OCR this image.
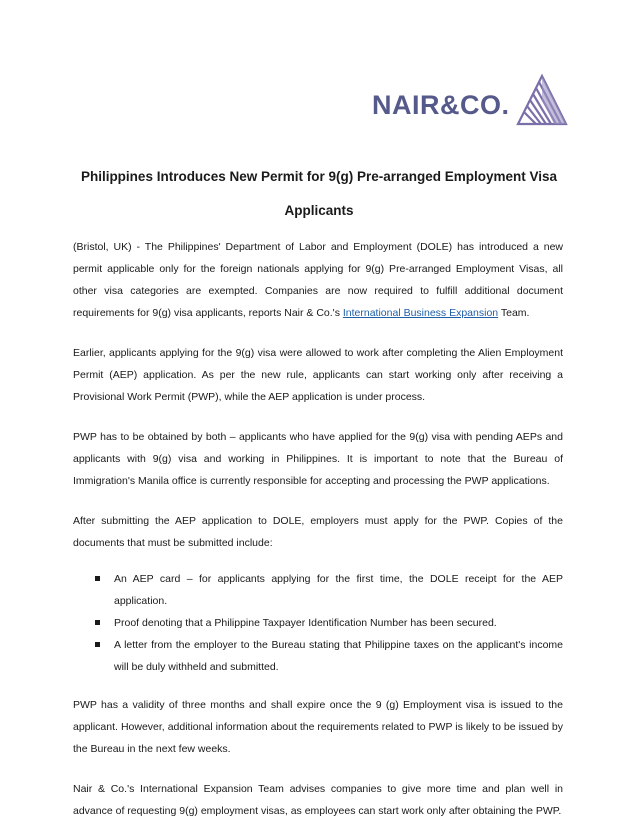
NAIR&CO.
Philippines Introduces New Permit for 9(g) Pre-arranged Employment Visa Applicants

(Bristol, UK) - The Philippines' Department of Labor and Employment (DOLE) has introduced a new permit applicable only for the foreign nationals applying for 9(g) Pre-arranged Employment Visas, all other visa categories are exempted. Companies are now required to fulfill additional document requirements for 9(g) visa applicants, reports Nair & Co.'s International Business Expansion Team.

Earlier, applicants applying for the 9(g) visa were allowed to work after completing the Alien Employment Permit (AEP) application. As per the new rule, applicants can start working only after receiving a Provisional Work Permit (PWP), while the AEP application is under process.

PWP has to be obtained by both – applicants who have applied for the 9(g) visa with pending AEPs and applicants with 9(g) visa and working in Philippines. It is important to note that the Bureau of Immigration's Manila office is currently responsible for accepting and processing the PWP applications.

After submitting the AEP application to DOLE, employers must apply for the PWP. Copies of the documents that must be submitted include:

An AEP card – for applicants applying for the first time, the DOLE receipt for the AEP application.
Proof denoting that a Philippine Taxpayer Identification Number has been secured.
A letter from the employer to the Bureau stating that Philippine taxes on the applicant's income will be duly withheld and submitted.

PWP has a validity of three months and shall expire once the 9 (g) Employment visa is issued to the applicant. However, additional information about the requirements related to PWP is likely to be issued by the Bureau in the next few weeks.

Nair & Co.'s International Expansion Team advises companies to give more time and plan well in advance of requesting 9(g) employment visas, as employees can start work only after obtaining the PWP.
